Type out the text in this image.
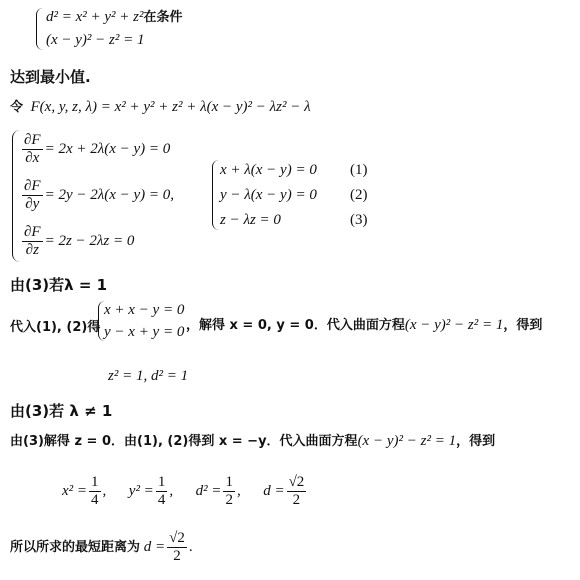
d² = x² + y² + z²在条件
(x − y)² − z² = 1
达到最小值.
令 F(x, y, z, λ) = x² + y² + z² + λ(x − y)² − λz² − λ
$\frac{\partial F}{\partial x} = 2x + 2\lambda(x - y) = 0$
$\frac{\partial F}{\partial y} = 2y - 2\lambda(x - y) = 0$,
$\frac{\partial F}{\partial z} = 2z - 2\lambda z = 0$
x + λ(x − y) = 0 (1)
y − λ(x − y) = 0 (2)
z − λz = 0	(3)
由(3)若λ = 1
代入(1), (2)得
x + x − y = 0
y − x + y = 0 ，解得 x = 0, y = 0．代入曲面方程(x − y)² − z² = 1，得到
z² = 1, d² = 1
由(3)若 λ ≠ 1
由(3)解得 z = 0．由(1), (2)得到 x = −y．代入曲面方程(x − y)² − z² = 1，得到
$x^2 = \frac{1}{4}$ , $y^2 = \frac{1}{4}$ , $d^2 = \frac{1}{2}$ , $d = \frac{√2}{2}$
所以所求的最短距离为 $d = \frac{√2}{2}$ .
